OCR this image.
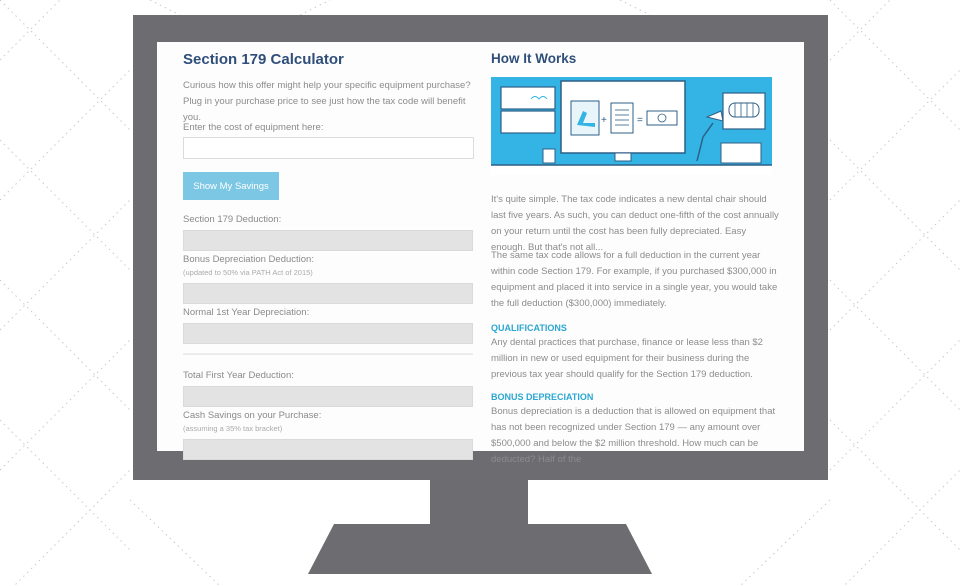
Section 179 Calculator

Curious how this offer might help your specific equipment purchase? Plug in your purchase price to see just how the tax code will benefit you.

Enter the cost of equipment here:
Show My Savings
Section 179 Deduction:
Bonus Depreciation Deduction:
(updated to 50% via PATH Act of 2015)
Normal 1st Year Depreciation:
Total First Year Deduction:
Cash Savings on your Purchase:
(assuming a 35% tax bracket)
How It Works
+	=

It's quite simple. The tax code indicates a new dental chair should last five years. As such, you can deduct one-fifth of the cost annually on your return until the cost has been fully depreciated. Easy enough. But that's not all...

The same tax code allows for a full deduction in the current year within code Section 179. For example, if you purchased $300,000 in equipment and placed it into service in a single year, you would take the full deduction ($300,000) immediately.

QUALIFICATIONS

Any dental practices that purchase, finance or lease less than $2 million in new or used equipment for their business during the previous tax year should qualify for the Section 179 deduction.

BONUS DEPRECIATION

Bonus depreciation is a deduction that is allowed on equipment that has not been recognized under Section 179 — any amount over $500,000 and below the $2 million threshold. How much can be deducted? Half of the
